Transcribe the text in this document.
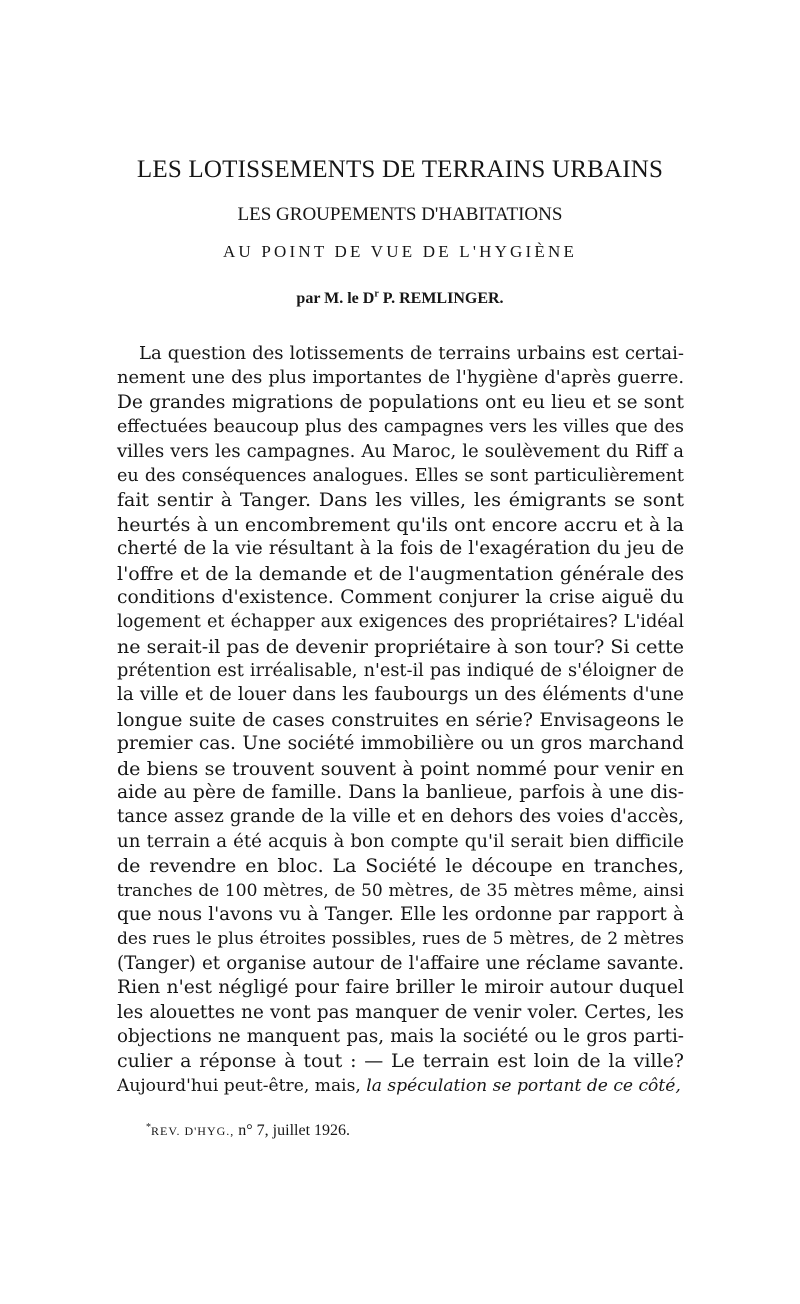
LES LOTISSEMENTS DE TERRAINS URBAINS
LES GROUPEMENTS D'HABITATIONS
AU POINT DE VUE DE L'HYGIÈNE
par M. le $D^r$ P. REMLINGER.
La question des lotissements de terrains urbains est certai-
nement une des plus importantes de l'hygiène d'après guerre.
De grandes migrations de populations ont eu lieu et se sont
effectuées beaucoup plus des campagnes vers les villes que des
villes vers les campagnes. Au Maroc, le soulèvement du Riff a
eu des conséquences analogues. Elles se sont particulièrement
fait sentir à Tanger. Dans les villes, les émigrants se sont
heurtés à un encombrement qu'ils ont encore accru et à la
cherté de la vie résultant à la fois de l'exagération du jeu de
l'offre et de la demande et de l'augmentation générale des
conditions d'existence. Comment conjurer la crise aiguë du
logement et échapper aux exigences des propriétaires? L'idéal
ne serait-il pas de devenir propriétaire à son tour? Si cette
prétention est irréalisable, n'est-il pas indiqué de s'éloigner de
la ville et de louer dans les faubourgs un des éléments d'une
longue suite de cases construites en série? Envisageons le
premier cas. Une société immobilière ou un gros marchand
de biens se trouvent souvent à point nommé pour venir en
aide au père de famille. Dans la banlieue, parfois à une dis-
tance assez grande de la ville et en dehors des voies d'accès,
un terrain a été acquis à bon compte qu'il serait bien difficile
de revendre en bloc. La Société le découpe en tranches,
tranches de 100 mètres, de 50 mètres, de 35 mètres même, ainsi
que nous l'avons vu à Tanger. Elle les ordonne par rapport à
des rues le plus étroites possibles, rues de 5 mètres, de 2 mètres
(Tanger) et organise autour de l'affaire une réclame savante.
Rien n'est négligé pour faire briller le miroir autour duquel
les alouettes ne vont pas manquer de venir voler. Certes, les
objections ne manquent pas, mais la société ou le gros parti-
culier a réponse à tout : — Le terrain est loin de la ville?
Aujourd'hui peut-être, mais, la spéculation se portant de ce côté,
*REV. D'HYG., n° 7, juillet 1926.
